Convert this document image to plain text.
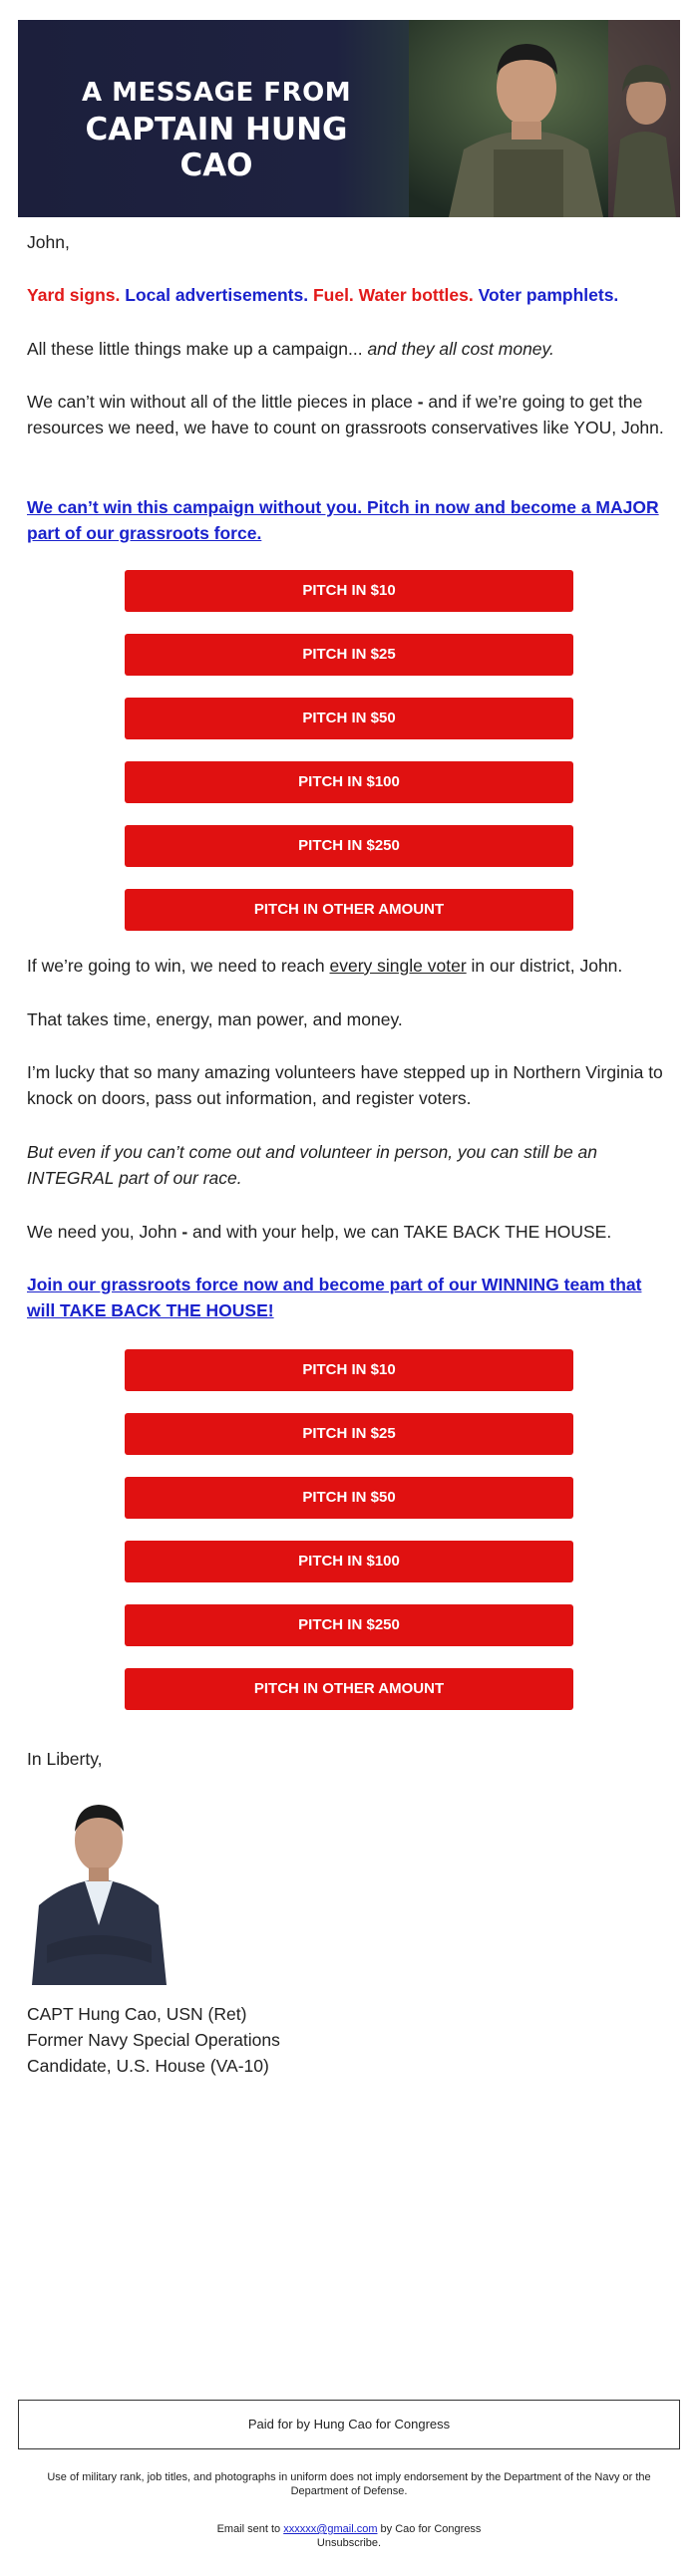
A MESSAGE FROM
CAPTAIN HUNG CAO

John,

Yard signs. Local advertisements. Fuel. Water bottles. Voter pamphlets.

All these little things make up a campaign... and they all cost money.

We can’t win without all of the little pieces in place - and if we’re going to get the resources we need, we have to count on grassroots conservatives like YOU, John.

We can’t win this campaign without you. Pitch in now and become a MAJOR part of our grassroots force.
PITCH IN $10
PITCH IN $25
PITCH IN $50
PITCH IN $100
PITCH IN $250
PITCH IN OTHER AMOUNT

If we’re going to win, we need to reach every single voter in our district, John.

That takes time, energy, man power, and money.

I’m lucky that so many amazing volunteers have stepped up in Northern Virginia to knock on doors, pass out information, and register voters.

But even if you can’t come out and volunteer in person, you can still be an INTEGRAL part of our race.

We need you, John - and with your help, we can TAKE BACK THE HOUSE.

Join our grassroots force now and become part of our WINNING team that will TAKE BACK THE HOUSE!
PITCH IN $10
PITCH IN $25
PITCH IN $50
PITCH IN $100
PITCH IN $250
PITCH IN OTHER AMOUNT

In Liberty,

CAPT Hung Cao, USN (Ret)

Former Navy Special Operations

Candidate, U.S. House (VA-10)

Paid for by Hung Cao for Congress
Use of military rank, job titles, and photographs in uniform does not imply endorsement by the Department of the Navy or the Department of Defense.
Email sent to xxxxxx@gmail.com by Cao for Congress
Unsubscribe.
